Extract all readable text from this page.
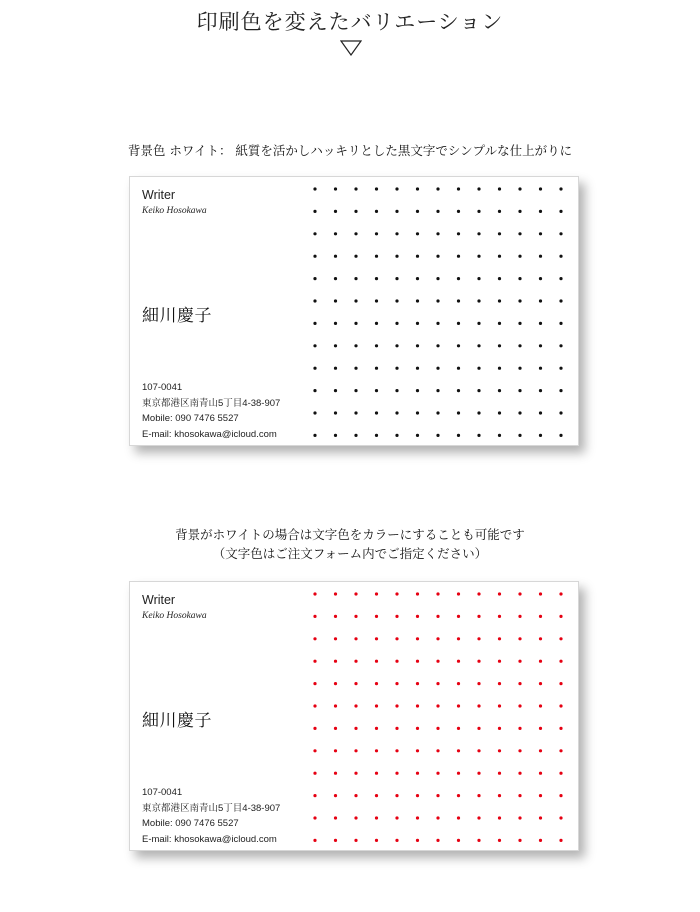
印刷色を変えたバリエーション
背景色 ホワイト： 紙質を活かしハッキリとした黒文字でシンプルな仕上がりに
Writer
Keiko Hosokawa
細川慶子
107-0041
東京都港区南青山5丁目4-38-907
Mobile: 090 7476 5527
E-mail: khosokawa@icloud.com
背景がホワイトの場合は文字色をカラーにすることも可能です
（文字色はご注文フォーム内でご指定ください）
Writer
Keiko Hosokawa
細川慶子
107-0041
東京都港区南青山5丁目4-38-907
Mobile: 090 7476 5527
E-mail: khosokawa@icloud.com
